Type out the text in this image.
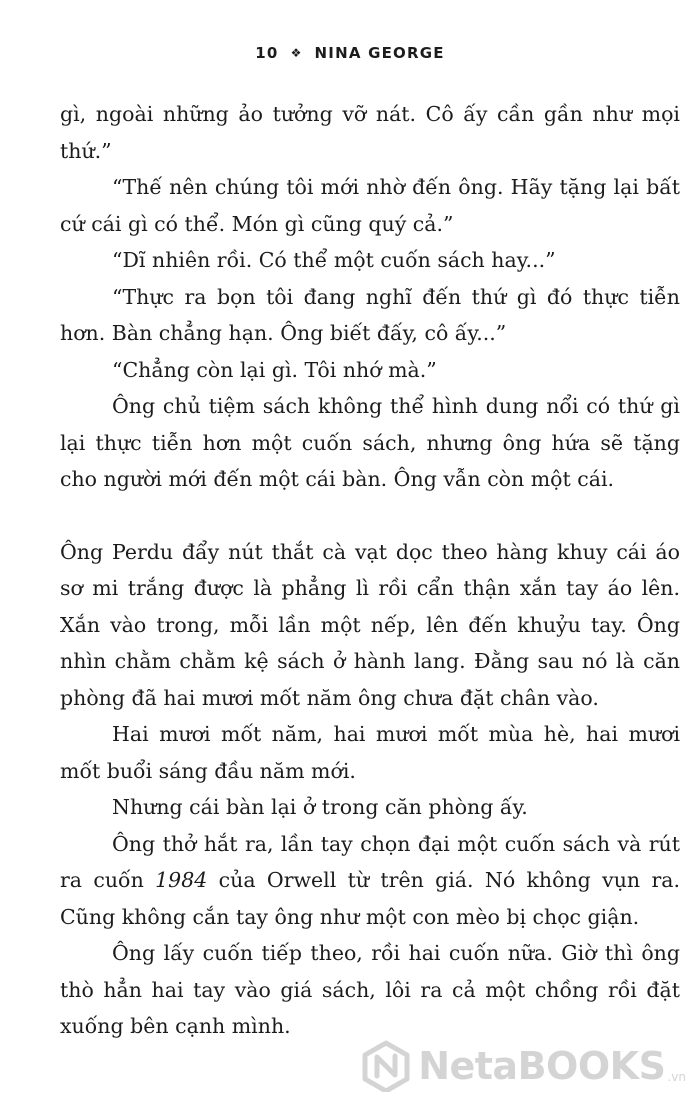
10 ❖ NINA GEORGE

gì, ngoài những ảo tưởng vỡ nát. Cô ấy cần gần như mọi thứ.”

“Thế nên chúng tôi mới nhờ đến ông. Hãy tặng lại bất cứ cái gì có thể. Món gì cũng quý cả.”

“Dĩ nhiên rồi. Có thể một cuốn sách hay...”

“Thực ra bọn tôi đang nghĩ đến thứ gì đó thực tiễn hơn. Bàn chẳng hạn. Ông biết đấy, cô ấy...”

“Chẳng còn lại gì. Tôi nhớ mà.”

Ông chủ tiệm sách không thể hình dung nổi có thứ gì lại thực tiễn hơn một cuốn sách, nhưng ông hứa sẽ tặng cho người mới đến một cái bàn. Ông vẫn còn một cái.

Ông Perdu đẩy nút thắt cà vạt dọc theo hàng khuy cái áo sơ mi trắng được là phẳng lì rồi cẩn thận xắn tay áo lên. Xắn vào trong, mỗi lần một nếp, lên đến khuỷu tay. Ông nhìn chằm chằm kệ sách ở hành lang. Đằng sau nó là căn phòng đã hai mươi mốt năm ông chưa đặt chân vào.

Hai mươi mốt năm, hai mươi mốt mùa hè, hai mươi mốt buổi sáng đầu năm mới.

Nhưng cái bàn lại ở trong căn phòng ấy.

Ông thở hắt ra, lần tay chọn đại một cuốn sách và rút ra cuốn 1984 của Orwell từ trên giá. Nó không vụn ra. Cũng không cắn tay ông như một con mèo bị chọc giận.

Ông lấy cuốn tiếp theo, rồi hai cuốn nữa. Giờ thì ông thò hẳn hai tay vào giá sách, lôi ra cả một chồng rồi đặt xuống bên cạnh mình.

NetaBOOKS .vn
